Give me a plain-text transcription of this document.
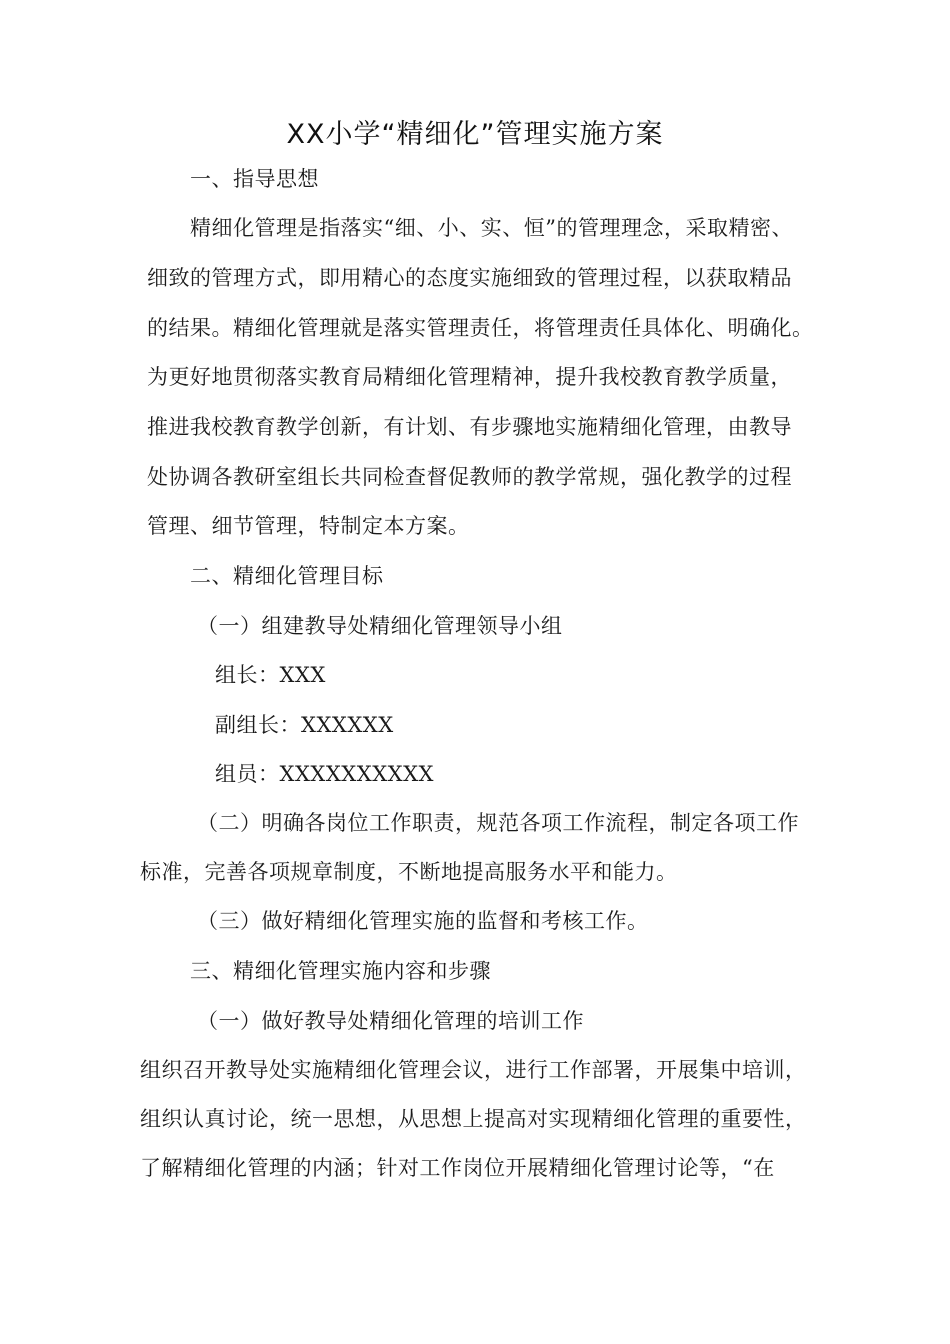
XX小学“精细化”管理实施方案
一、指导思想
精细化管理是指落实“细、小、实、恒”的管理理念，采取精密、
细致的管理方式，即用精心的态度实施细致的管理过程，以获取精品
的结果。精细化管理就是落实管理责任，将管理责任具体化、明确化。
为更好地贯彻落实教育局精细化管理精神，提升我校教育教学质量，
推进我校教育教学创新，有计划、有步骤地实施精细化管理，由教导
处协调各教研室组长共同检查督促教师的教学常规，强化教学的过程
管理、细节管理，特制定本方案。
二、精细化管理目标
（一）组建教导处精细化管理领导小组
组长：XXX
副组长：XXXXXX
组员：XXXXXXXXXX
（二）明确各岗位工作职责，规范各项工作流程，制定各项工作
标准，完善各项规章制度，不断地提高服务水平和能力。
（三）做好精细化管理实施的监督和考核工作。
三、精细化管理实施内容和步骤
（一）做好教导处精细化管理的培训工作
组织召开教导处实施精细化管理会议，进行工作部署，开展集中培训，
组织认真讨论，统一思想，从思想上提高对实现精细化管理的重要性，
了解精细化管理的内涵；针对工作岗位开展精细化管理讨论等，“在
